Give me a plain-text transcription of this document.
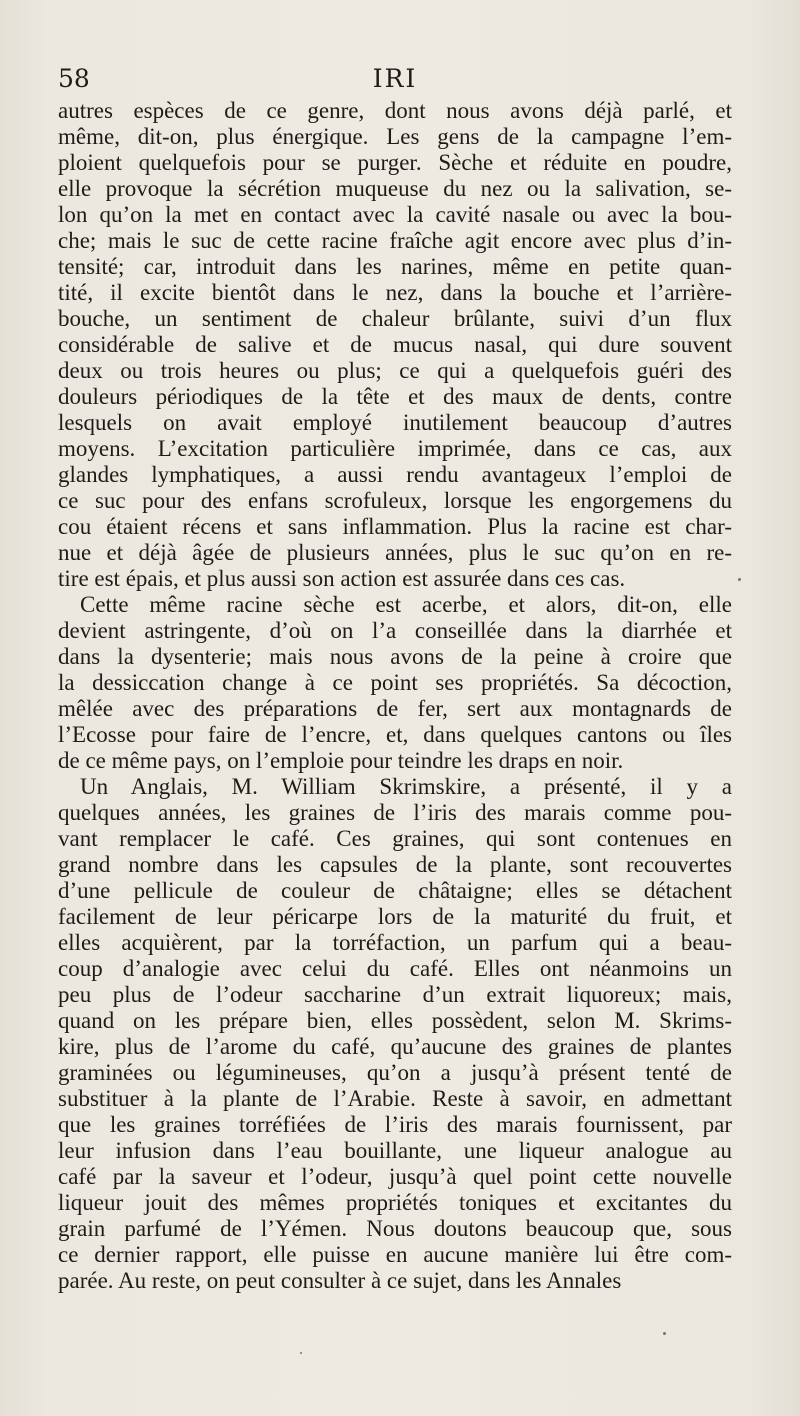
58	IRI
autres espèces de ce genre, dont nous avons déjà parlé, et
même, dit-on, plus énergique. Les gens de la campagne l’em-
ploient quelquefois pour se purger. Sèche et réduite en poudre,
elle provoque la sécrétion muqueuse du nez ou la salivation, se-
lon qu’on la met en contact avec la cavité nasale ou avec la bou-
che; mais le suc de cette racine fraîche agit encore avec plus d’in-
tensité; car, introduit dans les narines, même en petite quan-
tité, il excite bientôt dans le nez, dans la bouche et l’arrière-
bouche, un sentiment de chaleur brûlante, suivi d’un flux
considérable de salive et de mucus nasal, qui dure souvent
deux ou trois heures ou plus; ce qui a quelquefois guéri des
douleurs périodiques de la tête et des maux de dents, contre
lesquels on avait employé inutilement beaucoup d’autres
moyens. L’excitation particulière imprimée, dans ce cas, aux
glandes lymphatiques, a aussi rendu avantageux l’emploi de
ce suc pour des enfans scrofuleux, lorsque les engorgemens du
cou étaient récens et sans inflammation. Plus la racine est char-
nue et déjà âgée de plusieurs années, plus le suc qu’on en re-
tire est épais, et plus aussi son action est assurée dans ces cas.
Cette même racine sèche est acerbe, et alors, dit-on, elle
devient astringente, d’où on l’a conseillée dans la diarrhée et
dans la dysenterie; mais nous avons de la peine à croire que
la dessiccation change à ce point ses propriétés. Sa décoction,
mêlée avec des préparations de fer, sert aux montagnards de
l’Ecosse pour faire de l’encre, et, dans quelques cantons ou îles
de ce même pays, on l’emploie pour teindre les draps en noir.
Un Anglais, M. William Skrimskire, a présenté, il y a
quelques années, les graines de l’iris des marais comme pou-
vant remplacer le café. Ces graines, qui sont contenues en
grand nombre dans les capsules de la plante, sont recouvertes
d’une pellicule de couleur de châtaigne; elles se détachent
facilement de leur péricarpe lors de la maturité du fruit, et
elles acquièrent, par la torréfaction, un parfum qui a beau-
coup d’analogie avec celui du café. Elles ont néanmoins un
peu plus de l’odeur saccharine d’un extrait liquoreux; mais,
quand on les prépare bien, elles possèdent, selon M. Skrims-
kire, plus de l’arome du café, qu’aucune des graines de plantes
graminées ou légumineuses, qu’on a jusqu’à présent tenté de
substituer à la plante de l’Arabie. Reste à savoir, en admettant
que les graines torréfiées de l’iris des marais fournissent, par
leur infusion dans l’eau bouillante, une liqueur analogue au
café par la saveur et l’odeur, jusqu’à quel point cette nouvelle
liqueur jouit des mêmes propriétés toniques et excitantes du
grain parfumé de l’Yémen. Nous doutons beaucoup que, sous
ce dernier rapport, elle puisse en aucune manière lui être com-
parée. Au reste, on peut consulter à ce sujet, dans les Annales
